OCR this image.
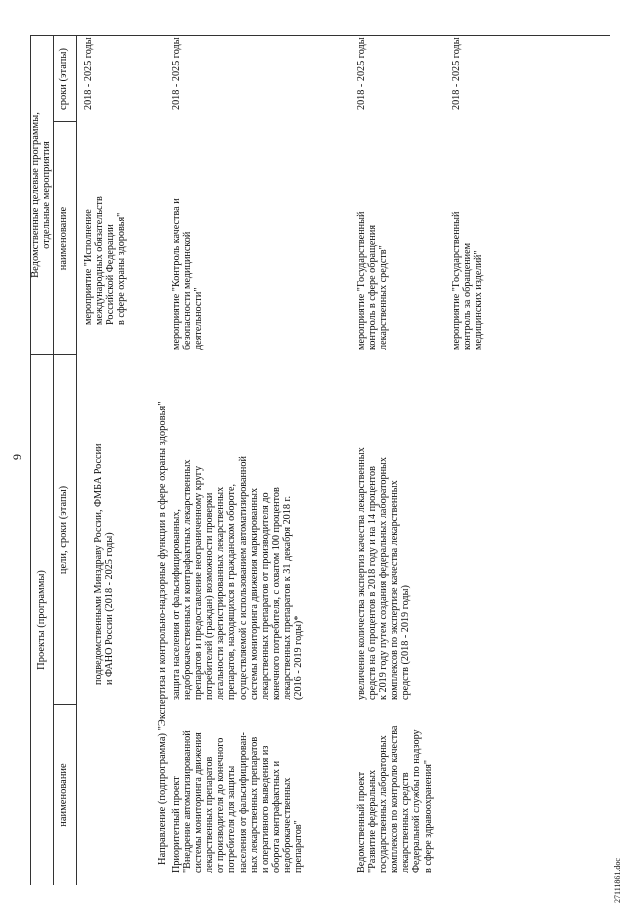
9
Проекты (программы)
Ведомственные целевые программы, отдельные мероприятия
наименование
цели, сроки (этапы)
наименование
сроки (этапы)
подведомственными Минздраву России, ФМБА России
и ФАНО России (2018 - 2025 годы)
мероприятие "Исполнение
международных обязательств
Российской Федерации
в сфере охраны здоровья"
2018 - 2025 годы
Направление (подпрограмма) "Экспертиза и контрольно-надзорные функции в сфере охраны здоровья" Приоритетный проект
"Внедрение автоматизированной
системы мониторинга движения
лекарственных препаратов
от производителя до конечного
потребителя для защиты
населения от фальсифицирован-
ных лекарственных препаратов
и оперативного выведения из
оборота контрафактных и
недоброкачественных
препаратов"
защита населения от фальсифицированных,
недоброкачественных и контрафактных лекарственных
препаратов и предоставление неограниченному кругу
потребителей (граждан) возможности проверки
легальности зарегистрированных лекарственных
препаратов, находящихся в гражданском обороте,
осуществляемой с использованием автоматизированной
системы мониторинга движения маркированных
лекарственных препаратов от производителя до
конечного потребителя, с охватом 100 процентов
лекарственных препаратов к 31 декабря 2018 г.
(2016 - 2019 годы)*
мероприятие "Контроль качества и
безопасности медицинской
деятельности"
2018 - 2025 годы
Ведомственный проект
"Развитие федеральных
государственных лабораторных
комплексов по контролю качества
лекарственных средств
Федеральной службы по надзору
в сфере здравоохранения"
увеличение количества экспертиз качества лекарственных
средств на 6 процентов в 2018 году и на 14 процентов
к 2019 году путем создания федеральных лабораторных
комплексов по экспертизе качества лекарственных
средств (2018 - 2019 годы)
мероприятие "Государственный
контроль в сфере обращения
лекарственных средств"
2018 - 2025 годы
мероприятие "Государственный
контроль за обращением
медицинских изделий"
2018 - 2025 годы
27111861.doc
